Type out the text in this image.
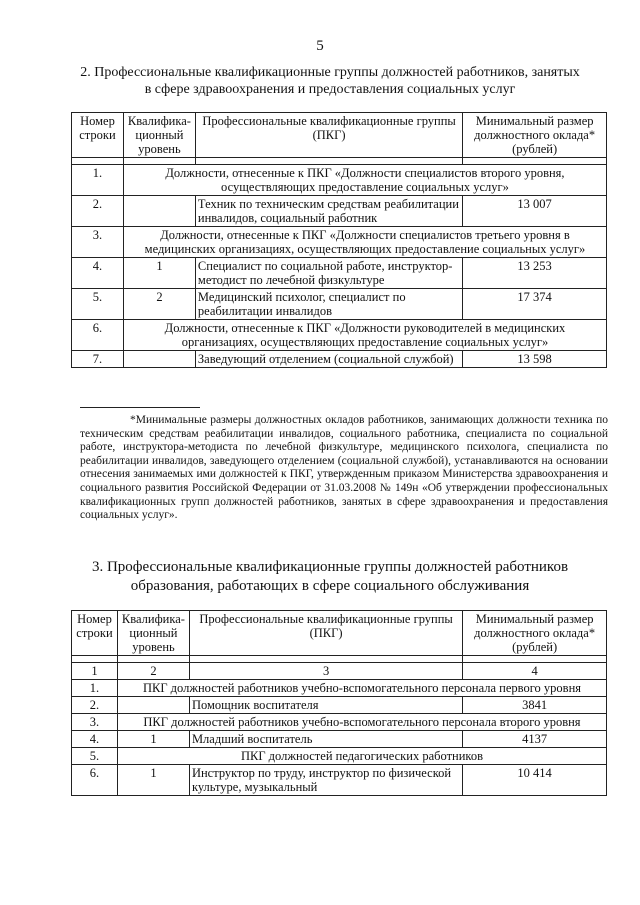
5
2. Профессиональные квалификационные группы должностей работников, занятых в сфере здравоохранения и предоставления социальных услуг
Номер строки	Квалифика-ционный уровень	Профессиональные квалификационные группы (ПКГ)	Минимальный размер должностного оклада* (рублей)

1.	Должности, отнесенные к ПКГ «Должности специалистов второго уровня, осуществляющих предоставление социальных услуг»		
2.		Техник по техническим средствам реабилитации инвалидов, социальный работник	13 007
3.	Должности, отнесенные к ПКГ «Должности специалистов третьего уровня в медицинских организациях, осуществляющих предоставление социальных услуг»		
4.	1	Специалист по социальной работе, инструктор-методист по лечебной физкультуре	13 253
5.	2	Медицинский психолог, специалист по реабилитации инвалидов	17 374
6.	Должности, отнесенные к ПКГ «Должности руководителей в медицинских организациях, осуществляющих предоставление социальных услуг»		
7.		Заведующий отделением (социальной службой)	13 598
*Минимальные размеры должностных окладов работников, занимающих должности техника по техническим средствам реабилитации инвалидов, социального работника, специалиста по социальной работе, инструктора-методиста по лечебной физкультуре, медицинского психолога, специалиста по реабилитации инвалидов, заведующего отделением (социальной службой), устанавливаются на основании отнесения занимаемых ими должностей к ПКГ, утвержденным приказом Министерства здравоохранения и социального развития Российской Федерации от 31.03.2008 № 149н «Об утверждении профессиональных квалификационных групп должностей работников, занятых в сфере здравоохранения и предоставления социальных услуг».
3. Профессиональные квалификационные группы должностей работников образования, работающих в сфере социального обслуживания
Номер строки	Квалифика-ционный уровень	Профессиональные квалификационные группы (ПКГ)	Минимальный размер должностного оклада* (рублей)

1	2	3	4
1.	ПКГ должностей работников учебно-вспомогательного персонала первого уровня		
2.		Помощник воспитателя	3841
3.	ПКГ должностей работников учебно-вспомогательного персонала второго уровня		
4.	1	Младший воспитатель	4137
5.	ПКГ должностей педагогических работников		
6.	1	Инструктор по труду, инструктор по физической культуре, музыкальный	10 414
